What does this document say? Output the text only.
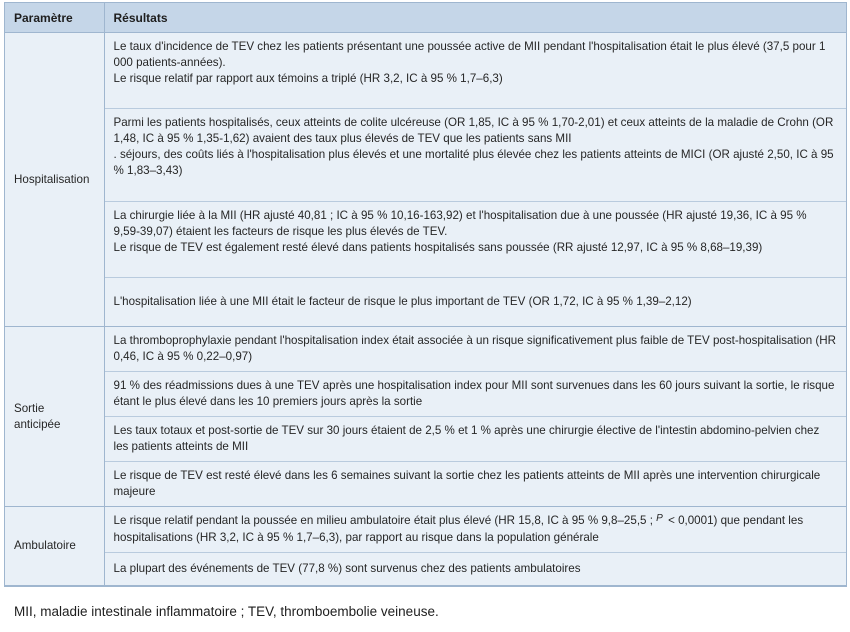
Paramètre	Résultats
Hospitalisation	Le taux d'incidence de TEV chez les patients présentant une poussée active de MII pendant l'hospitalisation était le plus élevé (37,5 pour 1 000 patients-années).
Le risque relatif par rapport aux témoins a triplé (HR 3,2, IC à 95 % 1,7–6,3)

	Parmi les patients hospitalisés, ceux atteints de colite ulcéreuse (OR 1,85, IC à 95 % 1,70-2,01) et ceux atteints de la maladie de Crohn (OR 1,48, IC à 95 % 1,35-1,62) avaient des taux plus élevés de TEV que les patients sans MII
. séjours, des coûts liés à l'hospitalisation plus élevés et une mortalité plus élevée chez les patients atteints de MICI (OR ajusté 2,50, IC à 95 % 1,83–3,43)

	La chirurgie liée à la MII (HR ajusté 40,81 ; IC à 95 % 10,16-163,92) et l'hospitalisation due à une poussée (HR ajusté 19,36, IC à 95 % 9,59-39,07) étaient les facteurs de risque les plus élevés de TEV.
Le risque de TEV est également resté élevé dans patients hospitalisés sans poussée (RR ajusté 12,97, IC à 95 % 8,68–19,39)

	L'hospitalisation liée à une MII était le facteur de risque le plus important de TEV (OR 1,72, IC à 95 % 1,39–2,12)

Sortie anticipée	La thromboprophylaxie pendant l'hospitalisation index était associée à un risque significativement plus faible de TEV post-hospitalisation (HR 0,46, IC à 95 % 0,22–0,97)
	91 % des réadmissions dues à une TEV après une hospitalisation index pour MII sont survenues dans les 60 jours suivant la sortie, le risque étant le plus élevé dans les 10 premiers jours après la sortie
	Les taux totaux et post-sortie de TEV sur 30 jours étaient de 2,5 % et 1 % après une chirurgie élective de l'intestin abdomino-pelvien chez les patients atteints de MII
	Le risque de TEV est resté élevé dans les 6 semaines suivant la sortie chez les patients atteints de MII après une intervention chirurgicale majeure
Ambulatoire	Le risque relatif pendant la poussée en milieu ambulatoire était plus élevé (HR 15,8, IC à 95 % 9,8–25,5 ; P < 0,0001) que pendant les hospitalisations (HR 3,2, IC à 95 % 1,7–6,3), par rapport au risque dans la population générale
	La plupart des événements de TEV (77,8 %) sont survenus chez des patients ambulatoires
MII, maladie intestinale inflammatoire ; TEV, thromboembolie veineuse.
